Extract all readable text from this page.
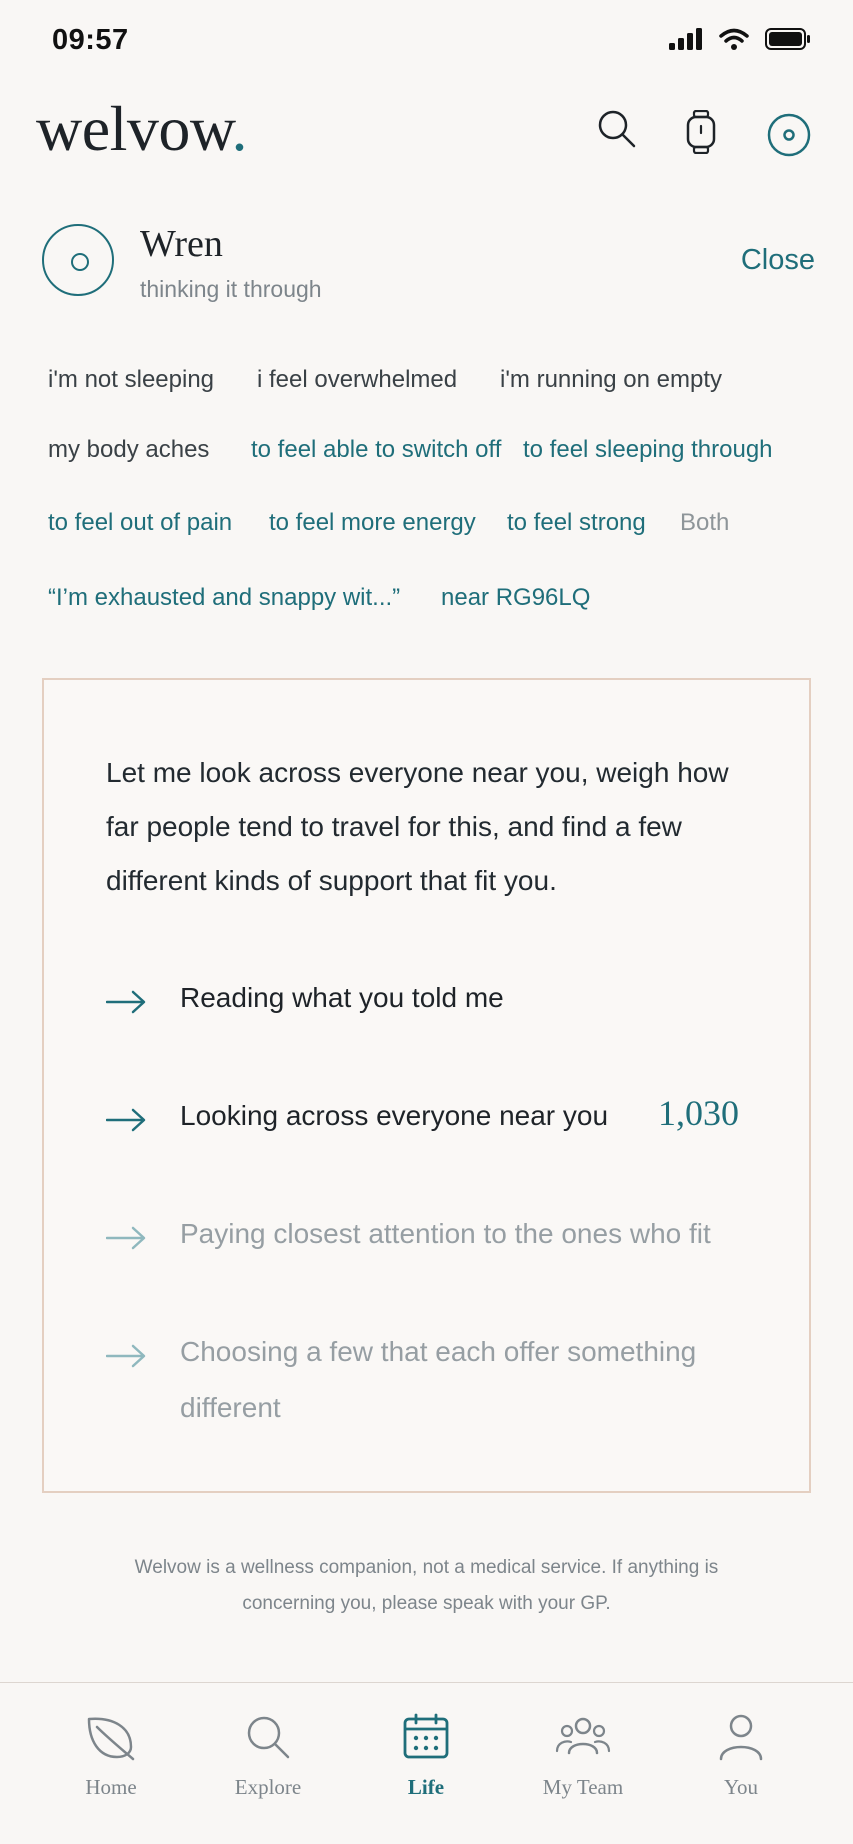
09:57
welvow.
Wren
thinking it through
Close
i'm not sleeping i feel overwhelmed i'm running on empty
my body aches to feel able to switch off to feel sleeping through
to feel out of pain to feel more energy to feel strong Both
“I’m exhausted and snappy wit...” near RG96LQ
Let me look across everyone near you, weigh how far people tend to travel for this, and find a few different kinds of support that fit you.
Reading what you told me
Looking across everyone near you 1,030
Paying closest attention to the ones who fit
Choosing a few that each offer something different
Welvow is a wellness companion, not a medical service. If anything is concerning you, please speak with your GP.
Home	Explore	Life	My Team	You
